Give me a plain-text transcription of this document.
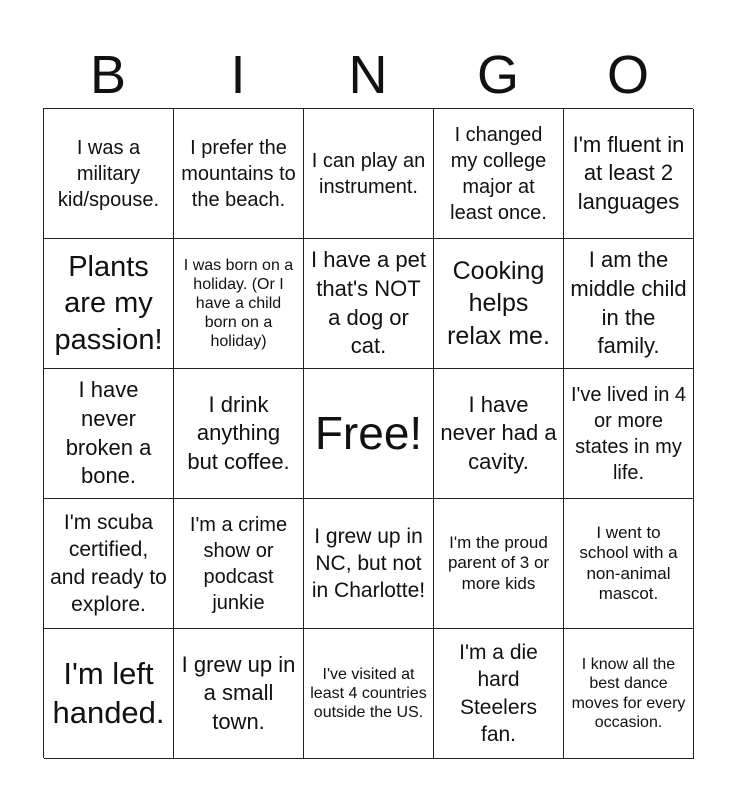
B	I	N	G	O
I was a military kid/spouse.
I prefer the mountains to the beach.
I can play an instrument.
I changed my college major at least once.
I'm fluent in at least 2 languages
Plants are my passion!
I was born on a holiday. (Or I have a child born on a holiday)
I have a pet that's NOT a dog or cat.
Cooking helps relax me.
I am the middle child in the family.
I have never broken a bone.
I drink anything but coffee.
Free!
I have never had a cavity.
I've lived in 4 or more states in my life.
I'm scuba certified, and ready to explore.
I'm a crime show or podcast junkie
I grew up in NC, but not in Charlotte!
I'm the proud parent of 3 or more kids
I went to school with a non-animal mascot.
I'm left handed.
I grew up in a small town.
I've visited at least 4 countries outside the US.
I'm a die hard Steelers fan.
I know all the best dance moves for every occasion.
